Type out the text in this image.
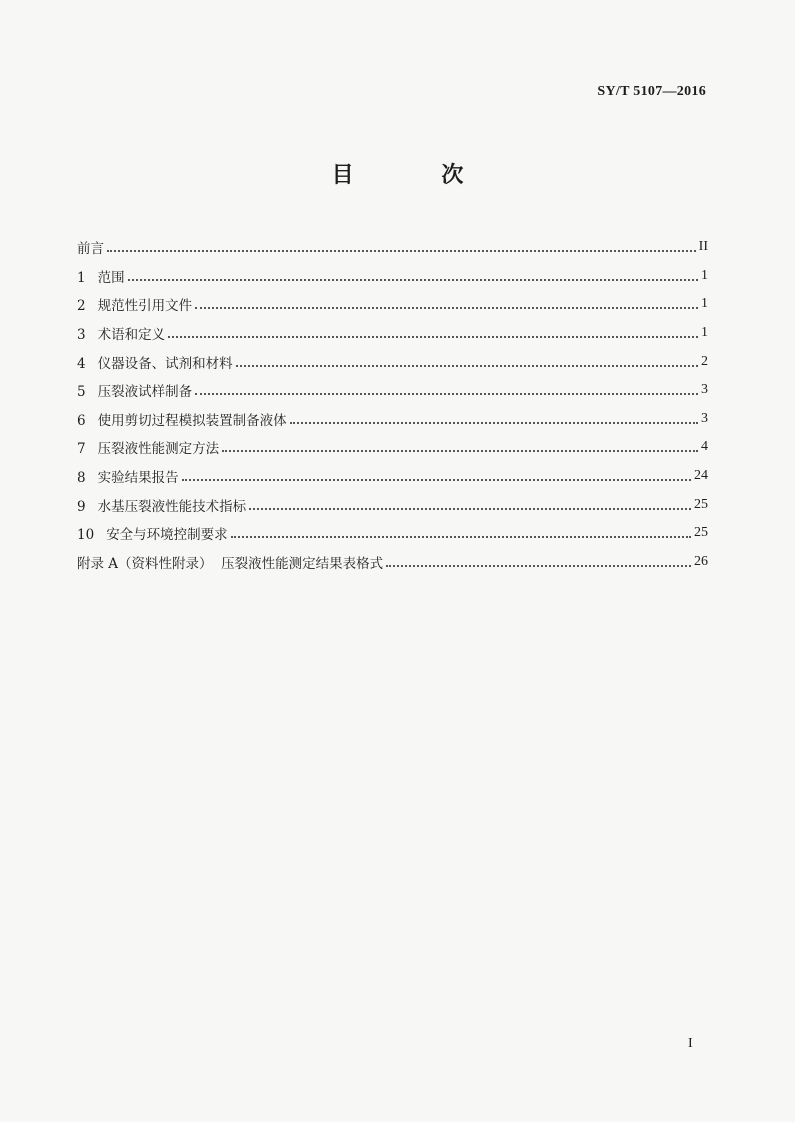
SY/T 5107—2016
目 次
前言	II
1 范围	1
2 规范性引用文件	1
3 术语和定义	1
4 仪器设备、试剂和材料	2
5 压裂液试样制备	3
6 使用剪切过程模拟装置制备液体	3
7 压裂液性能测定方法	4
8 实验结果报告	24
9 水基压裂液性能技术指标	25
10 安全与环境控制要求	25
附录 A（资料性附录）  压裂液性能测定结果表格式	26
I
